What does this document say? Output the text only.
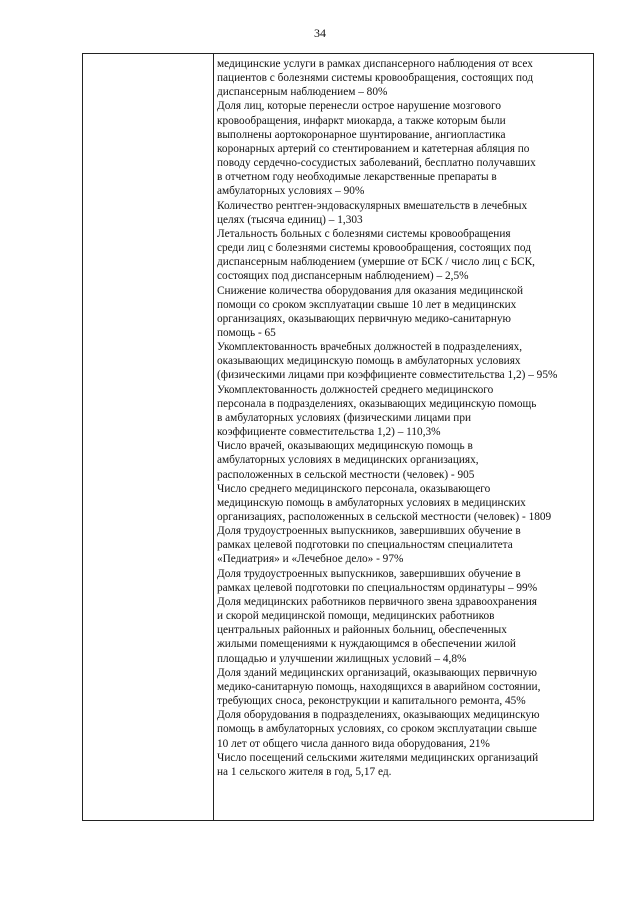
34
медицинские услуги в рамках диспансерного наблюдения от всех
пациентов с болезнями системы кровообращения, состоящих под
диспансерным наблюдением – 80%
Доля лиц, которые перенесли острое нарушение мозгового
кровообращения, инфаркт миокарда, а также которым были
выполнены аортокоронарное шунтирование, ангиопластика
коронарных артерий со стентированием и катетерная абляция по
поводу сердечно-сосудистых заболеваний, бесплатно получавших
в отчетном году необходимые лекарственные препараты в
амбулаторных условиях – 90%
Количество рентген-эндоваскулярных вмешательств в лечебных
целях (тысяча единиц) – 1,303
Летальность больных с болезнями системы кровообращения
среди лиц с болезнями системы кровообращения, состоящих под
диспансерным наблюдением (умершие от БСК / число лиц с БСК,
состоящих под диспансерным наблюдением) – 2,5%
Снижение количества оборудования для оказания медицинской
помощи со сроком эксплуатации свыше 10 лет в медицинских
организациях, оказывающих первичную медико-санитарную
помощь - 65
Укомплектованность врачебных должностей в подразделениях,
оказывающих медицинскую помощь в амбулаторных условиях
(физическими лицами при коэффициенте совместительства 1,2) – 95%
Укомплектованность должностей среднего медицинского
персонала в подразделениях, оказывающих медицинскую помощь
в амбулаторных условиях (физическими лицами при
коэффициенте совместительства 1,2) – 110,3%
Число врачей, оказывающих медицинскую помощь в
амбулаторных условиях в медицинских организациях,
расположенных в сельской местности (человек) - 905
Число среднего медицинского персонала, оказывающего
медицинскую помощь в амбулаторных условиях в медицинских
организациях, расположенных в сельской местности (человек) - 1809
Доля трудоустроенных выпускников, завершивших обучение в
рамках целевой подготовки по специальностям специалитета
«Педиатрия» и «Лечебное дело» - 97%
Доля трудоустроенных выпускников, завершивших обучение в
рамках целевой подготовки по специальностям ординатуры – 99%
Доля медицинских работников первичного звена здравоохранения
и скорой медицинской помощи, медицинских работников
центральных районных и районных больниц, обеспеченных
жилыми помещениями к нуждающимся в обеспечении жилой
площадью и улучшении жилищных условий – 4,8%
Доля зданий медицинских организаций, оказывающих первичную
медико-санитарную помощь, находящихся в аварийном состоянии,
требующих сноса, реконструкции и капитального ремонта, 45%
Доля оборудования в подразделениях, оказывающих медицинскую
помощь в амбулаторных условиях, со сроком эксплуатации свыше
10 лет от общего числа данного вида оборудования, 21%
Число посещений сельскими жителями медицинских организаций
на 1 сельского жителя в год, 5,17 ед.
